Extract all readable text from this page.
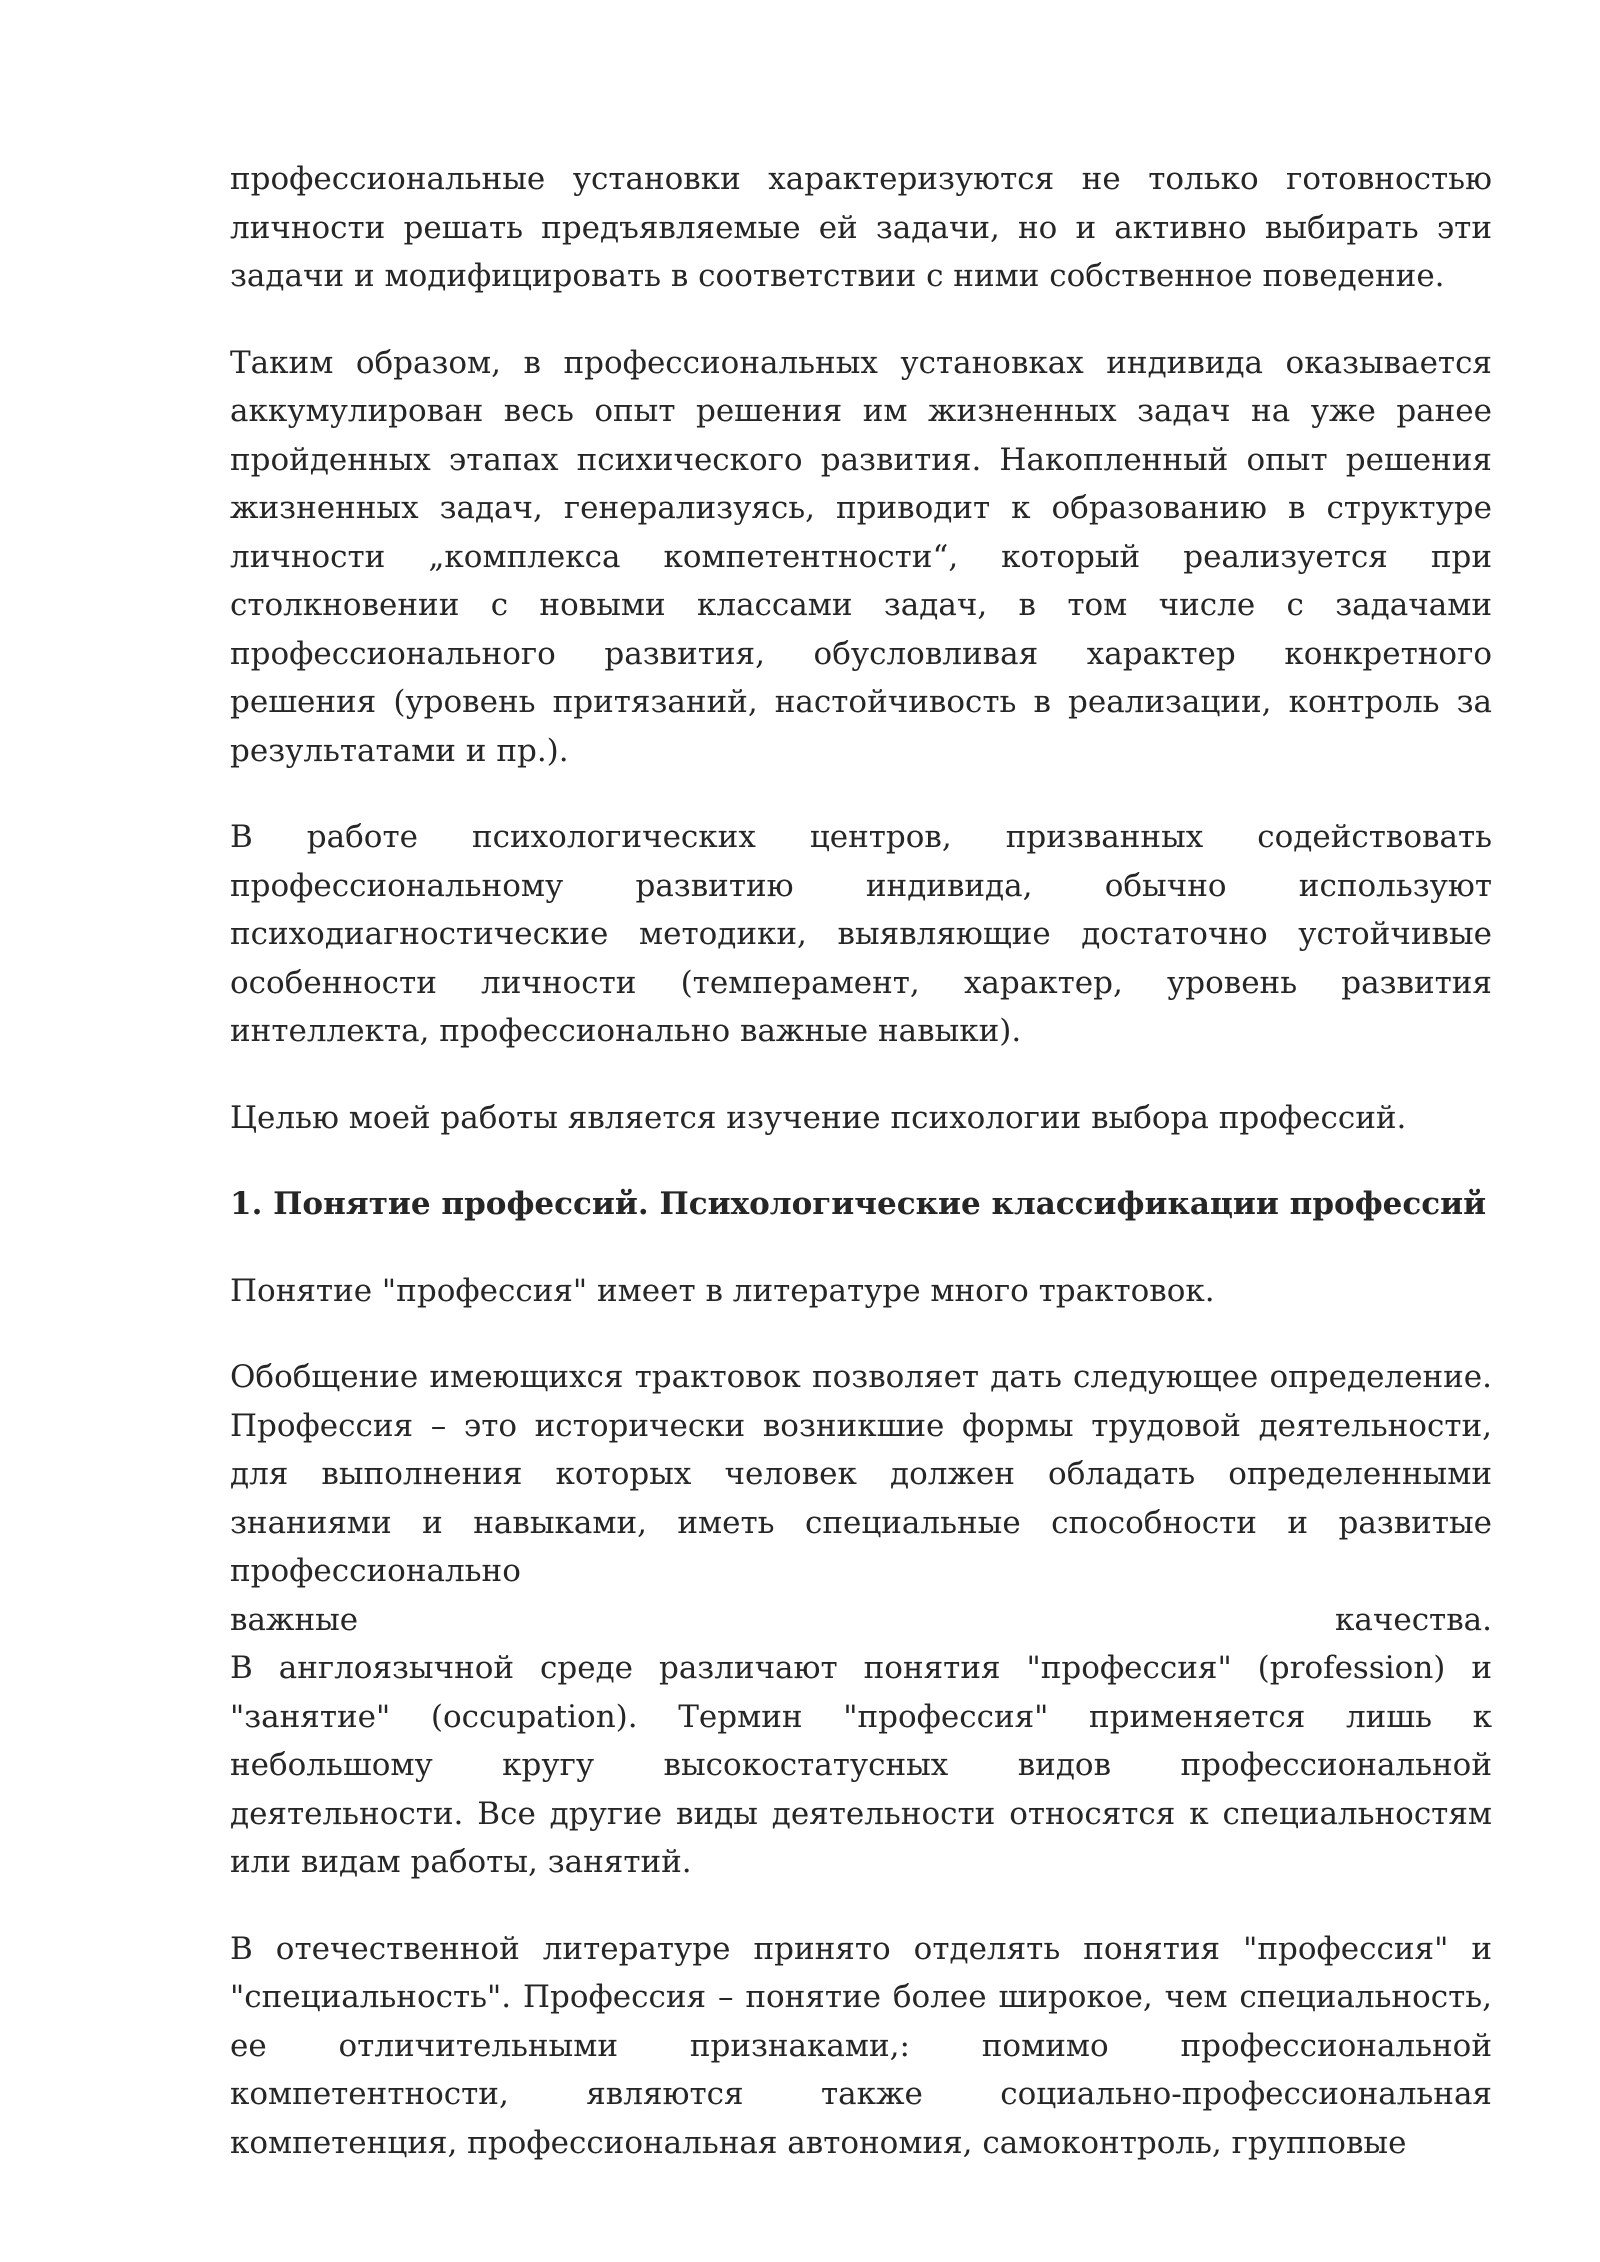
профессиональные установки характеризуются не только готовностью личности решать предъявляемые ей задачи, но и активно выбирать эти задачи и модифицировать в соответствии с ними собственное поведение.

Таким образом, в профессиональных установках индивида оказывается аккумулирован весь опыт решения им жизненных задач на уже ранее пройденных этапах психического развития. Накопленный опыт решения жизненных задач, генерализуясь, приводит к образованию в структуре личности „комплекса компетентности“, который реализуется при столкновении с новыми классами задач, в том числе с задачами профессионального развития, обусловливая характер конкретного решения (уровень притязаний, настойчивость в реализации, контроль за результатами и пр.).

В работе психологических центров, призванных содействовать профессиональному развитию индивида, обычно используют психодиагностические методики, выявляющие достаточно устойчивые особенности личности (темперамент, характер, уровень развития интеллекта, профессионально важные навыки).

Целью моей работы является изучение психологии выбора профессий.

1. Понятие профессий. Психологические классификации профессий

Понятие "профессия" имеет в литературе много трактовок.

Обобщение имеющихся трактовок позволяет дать следующее определение. Профессия – это исторически возникшие формы трудовой деятельности, для выполнения которых человек должен обладать определенными знаниями и навыками, иметь специальные способности и развитые профессионально
важные качества.

В англоязычной среде различают понятия "профессия" (profession) и "занятие" (occupation). Термин "профессия" применяется лишь к небольшому кругу высокостатусных видов профессиональной деятельности. Все другие виды деятельности относятся к специальностям или видам работы, занятий.

В отечественной литературе принято отделять понятия "профессия" и "специальность". Профессия – понятие более широкое, чем специальность, ее отличительными признаками,: помимо профессиональной компетентности, являются также социально-профессиональная компетенция, профессиональная автономия, самоконтроль, групповые
